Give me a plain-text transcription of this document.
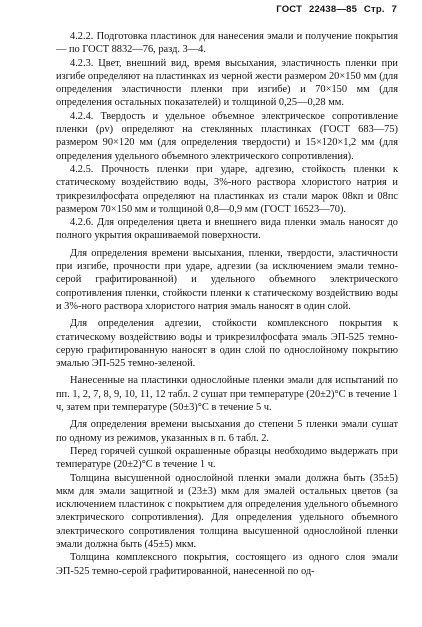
ГОСТ 22438—85 Стр. 7

4.2.2. Подготовка пластинок для нанесения эмали и получение покрытия — по ГОСТ 8832—76, разд. 3—4.

4.2.3. Цвет, внешний вид, время высыхания, эластичность пленки при изгибе определяют на пластинках из черной жести размером 20×150 мм (для определения эластичности пленки при изгибе) и 70×150 мм (для определения остальных показателей) и толщиной 0,25—0,28 мм.

4.2.4. Твердость и удельное объемное электрическое сопротивление пленки (ρv) определяют на стеклянных пластинках (ГОСТ 683—75) размером 90×120 мм (для определения твердости) и 15×120×1,2 мм (для определения удельного объемного электрического сопротивления).

4.2.5. Прочность пленки при ударе, адгезию, стойкость пленки к статическому воздействию воды, 3%-ного раствора хлористого натрия и трикрезилфосфата определяют на пластинках из стали марок 08кп и 08пс размером 70×150 мм и толщиной 0,8—0,9 мм (ГОСТ 16523—70).

4.2.6. Для определения цвета и внешнего вида пленки эмаль наносят до полного укрытия окрашиваемой поверхности.

Для определения времени высыхания, пленки, твердости, эластичности при изгибе, прочности при ударе, адгезии (за исключением эмали темно-серой графитированной) и удельного объемного электрического сопротивления пленки, стойкости пленки к статическому воздействию воды и 3%-ного раствора хлористого натрия эмаль наносят в один слой.

Для определения адгезии, стойкости комплексного покрытия к статическому воздействию воды и трикрезилфосфата эмаль ЭП-525 темно-серую графитированную наносят в один слой по однослойному покрытию эмалью ЭП-525 темно-зеленой.

Нанесенные на пластинки однослойные пленки эмали для испытаний по пп. 1, 2, 7, 8, 9, 10, 11, 12 табл. 2 сушат при температуре (20±2)°С в течение 1 ч, затем при температуре (50±3)°С в течение 5 ч.

Для определения времени высыхания до степени 5 пленки эмали сушат по одному из режимов, указанных в п. 6 табл. 2.

Перед горячей сушкой окрашенные образцы необходимо выдержать при температуре (20±2)°С в течение 1 ч.

Толщина высушенной однослойной пленки эмали должна быть (35±5) мкм для эмали защитной и (23±3) мкм для эмалей остальных цветов (за исключением пластинок с покрытием для определения удельного объемного электрического сопротивления). Для определения удельного объемного электрического сопротивления толщина высушенной однослойной пленки эмали должна быть (45±5) мкм.

Толщина комплексного покрытия, состоящего из одного слоя эмали ЭП-525 темно-серой графитированной, нанесенной по од-
